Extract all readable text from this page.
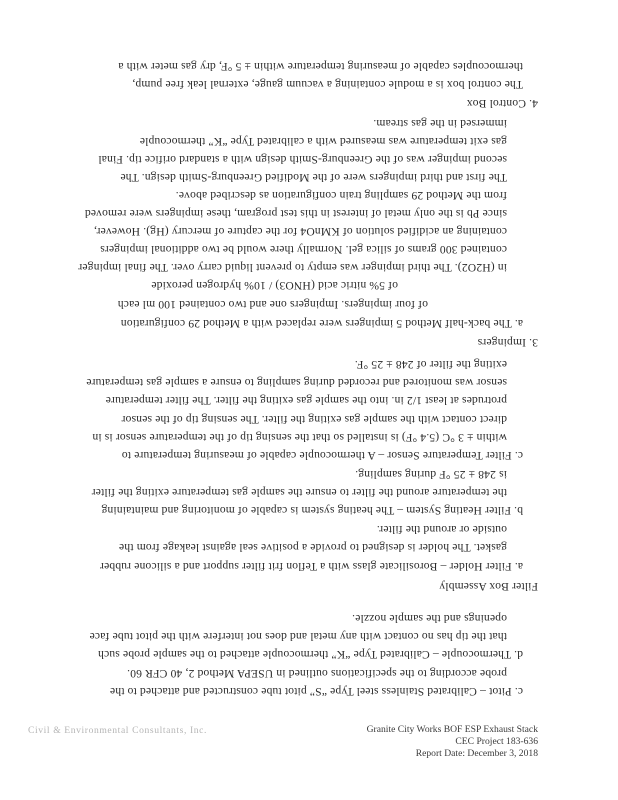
c. Pitot – Calibrated Stainless steel Type “S” pitot tube constructed and attached to the
probe according to the specifications outlined in USEPA Method 2, 40 CFR 60.
d. Thermocouple – Calibrated Type “K” thermocouple attached to the sample probe such
that the tip has no contact with any metal and does not interfere with the pitot tube face
openings and the sample nozzle.
Filter Box Assembly
a. Filter Holder – Borosilicate glass with a Teflon frit filter support and a silicone rubber
gasket. The holder is designed to provide a positive seal against leakage from the
outside or around the filter.
b. Filter Heating System – The heating system is capable of monitoring and maintaining
the temperature around the filter to ensure the sample gas temperature exiting the filter
is 248 ± 25 °F during sampling.
c. Filter Temperature Sensor – A thermocouple capable of measuring temperature to
within ± 3 °C (5.4 °F) is installed so that the sensing tip of the temperature sensor is in
direct contact with the sample gas exiting the filter. The sensing tip of the sensor
protrudes at least 1/2 in. into the sample gas exiting the filter. The filter temperature
sensor was monitored and recorded during sampling to ensure a sample gas temperature
exiting the filter of 248 ± 25 °F.
3. Impingers
a. The back-half Method 5 impingers were replaced with a Method 29 configuration
of four impingers. Impingers one and two contained 100 ml each
of 5% nitric acid (HNO3) / 10% hydrogen peroxide
in (H2O2). The third impinger was empty to prevent liquid carry over. The final impinger
contained 300 grams of silica gel. Normally there would be two additional impingers
containing an acidified solution of KMnO4 for the capture of mercury (Hg). However,
since Pb is the only metal of interest in this test program, these impingers were removed
from the Method 29 sampling train configuration as described above.
The first and third impingers were of the Modified Greenburg-Smith design. The
second impinger was of the Greenburg-Smith design with a standard orifice tip. Final
gas exit temperature was measured with a calibrated Type “K” thermocouple
immersed in the gas stream.
4. Control Box
The control box is a module containing a vacuum gauge, external leak free pump,
thermocouples capable of measuring temperature within ± 5 °F, dry gas meter with a
Civil & Environmental Consultants, Inc.	Granite City Works BOF ESP Exhaust Stack
CEC Project 183-636
Report Date: December 3, 2018
